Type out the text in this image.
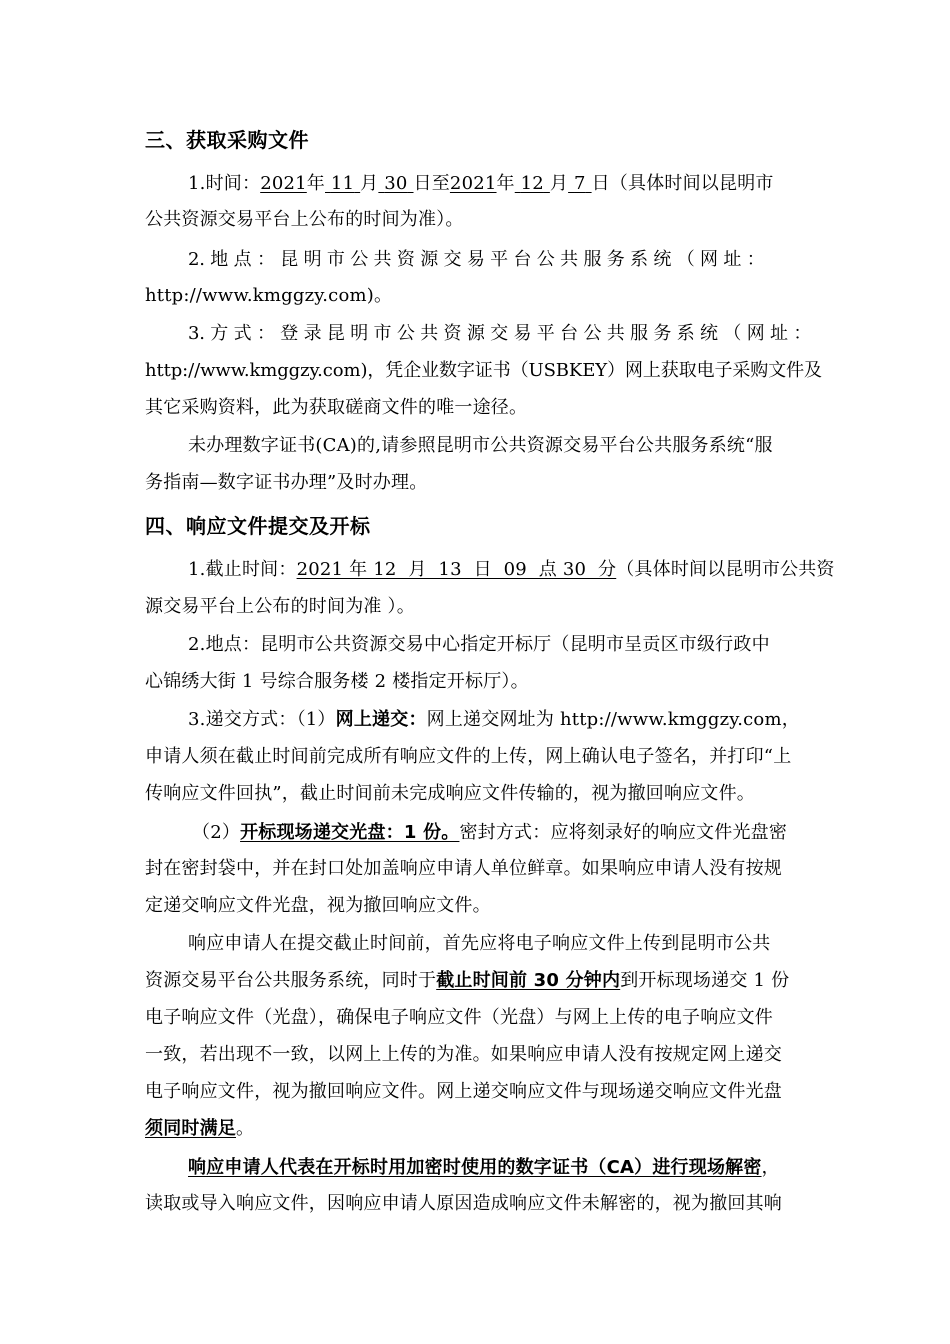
三、获取采购文件
1.时间：2021年 11 月 30 日至2021年 12 月 7 日（具体时间以昆明市
公共资源交易平台上公布的时间为准）。
2. 地 点 ： 昆 明 市 公 共 资 源 交 易 平 台 公 共 服 务 系 统 （ 网 址 ：
http://www.kmggzy.com)。
3. 方 式 ： 登 录 昆 明 市 公 共 资 源 交 易 平 台 公 共 服 务 系 统 （ 网 址 ：
http://www.kmggzy.com)，凭企业数字证书（USBKEY）网上获取电子采购文件及
其它采购资料，此为获取磋商文件的唯一途径。
未办理数字证书(CA)的,请参照昆明市公共资源交易平台公共服务系统“服
务指南—数字证书办理”及时办理。
四、响应文件提交及开标
1.截止时间：2021 年 12  月  13  日  09  点 30  分（具体时间以昆明市公共资
源交易平台上公布的时间为准 ）。
2.地点：昆明市公共资源交易中心指定开标厅（昆明市呈贡区市级行政中
心锦绣大街 1 号综合服务楼 2 楼指定开标厅）。
3.递交方式：（1）网上递交：网上递交网址为 http://www.kmggzy.com，
申请人须在截止时间前完成所有响应文件的上传，网上确认电子签名，并打印“上
传响应文件回执”，截止时间前未完成响应文件传输的，视为撤回响应文件。
（2）开标现场递交光盘：1 份。密封方式：应将刻录好的响应文件光盘密
封在密封袋中，并在封口处加盖响应申请人单位鲜章。如果响应申请人没有按规
定递交响应文件光盘，视为撤回响应文件。
响应申请人在提交截止时间前，首先应将电子响应文件上传到昆明市公共
资源交易平台公共服务系统，同时于截止时间前 30 分钟内到开标现场递交 1 份
电子响应文件（光盘），确保电子响应文件（光盘）与网上上传的电子响应文件
一致，若出现不一致，以网上上传的为准。如果响应申请人没有按规定网上递交
电子响应文件，视为撤回响应文件。网上递交响应文件与现场递交响应文件光盘
须同时满足。
响应申请人代表在开标时用加密时使用的数字证书（CA）进行现场解密，
读取或导入响应文件，因响应申请人原因造成响应文件未解密的，视为撤回其响
